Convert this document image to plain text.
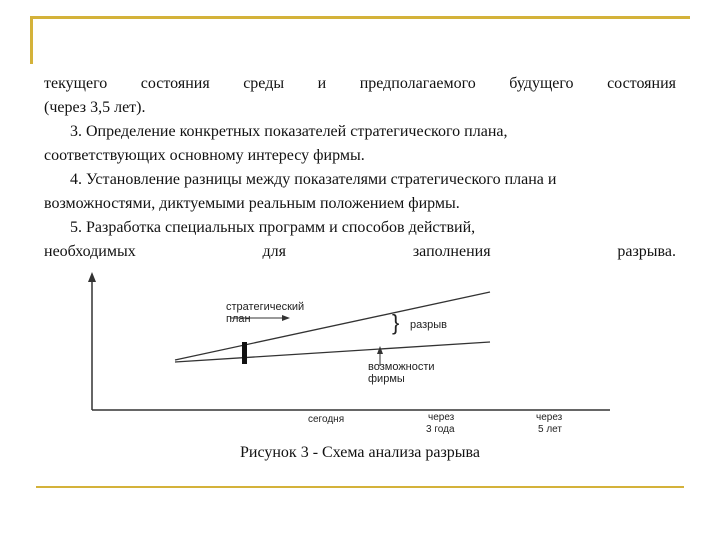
текущего состояния среды и предполагаемого будущего состояния
(через 3,5 лет).
3. Определение конкретных показателей стратегического плана,
соответствующих основному интересу фирмы.
4. Установление разницы между показателями стратегического плана и
возможностями, диктуемыми реальным положением фирмы.
5. Разработка специальных программ и способов действий,
необходимых для заполнения разрыва.
стратегический
план	} разрыв
возможности
фирмы
сегодня	через
3 года
через
5 лет
Рисунок 3 - Схема анализа разрыва
